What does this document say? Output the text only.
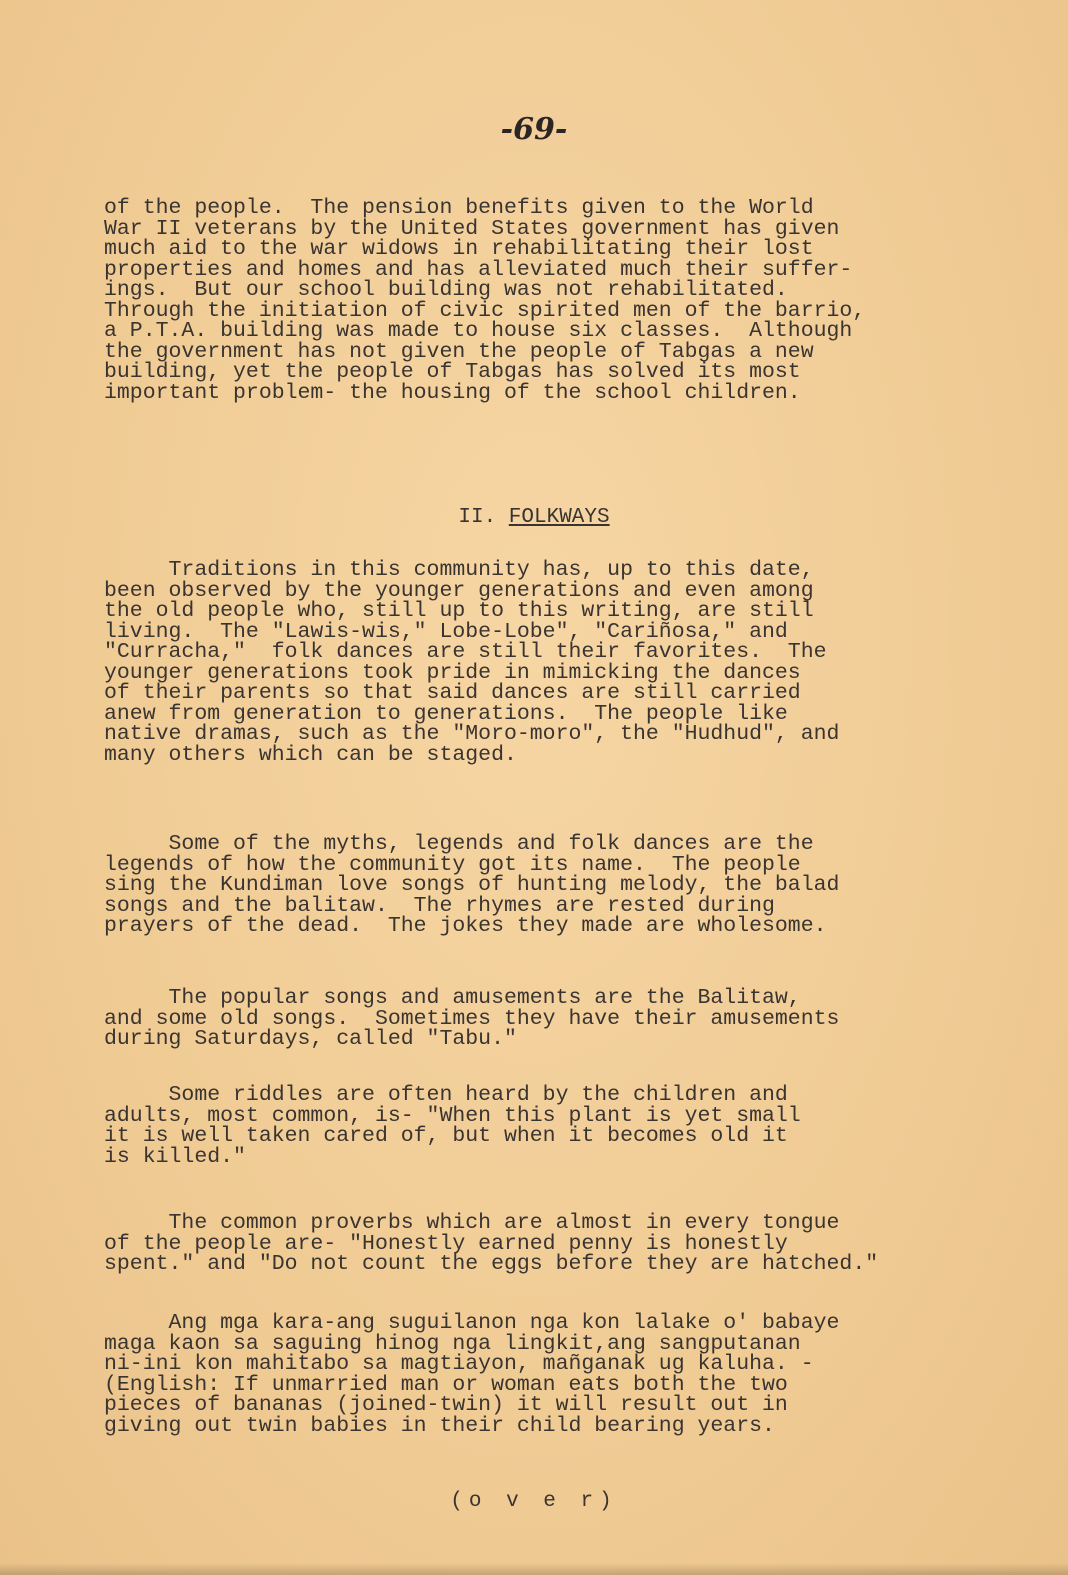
-69-
of the people.  The pension benefits given to the World
War II veterans by the United States government has given
much aid to the war widows in rehabilitating their lost
properties and homes and has alleviated much their suffer-
ings.  But our school building was not rehabilitated.
Through the initiation of civic spirited men of the barrio,
a P.T.A. building was made to house six classes.  Although
the government has not given the people of Tabgas a new
building, yet the people of Tabgas has solved its most
important problem- the housing of the school children.
II. FOLKWAYS
Traditions in this community has, up to this date,
been observed by the younger generations and even among
the old people who, still up to this writing, are still
living.  The "Lawis-wis," Lobe-Lobe", "Cariñosa," and
"Curracha,"  folk dances are still their favorites.  The
younger generations took pride in mimicking the dances
of their parents so that said dances are still carried
anew from generation to generations.  The people like
native dramas, such as the "Moro-moro", the "Hudhud", and
many others which can be staged.
Some of the myths, legends and folk dances are the
legends of how the community got its name.  The people
sing the Kundiman love songs of hunting melody, the balad
songs and the balitaw.  The rhymes are rested during
prayers of the dead.  The jokes they made are wholesome.
The popular songs and amusements are the Balitaw,
and some old songs.  Sometimes they have their amusements
during Saturdays, called "Tabu."
Some riddles are often heard by the children and
adults, most common, is- "When this plant is yet small
it is well taken cared of, but when it becomes old it
is killed."
The common proverbs which are almost in every tongue
of the people are- "Honestly earned penny is honestly
spent." and "Do not count the eggs before they are hatched."
Ang mga kara-ang suguilanon nga kon lalake o' babaye
maga kaon sa saguing hinog nga lingkit,ang sangputanan
ni-ini kon mahitabo sa magtiayon, mañganak ug kaluha. -
(English: If unmarried man or woman eats both the two
pieces of bananas (joined-twin) it will result out in
giving out twin babies in their child bearing years.
(o v e r)
